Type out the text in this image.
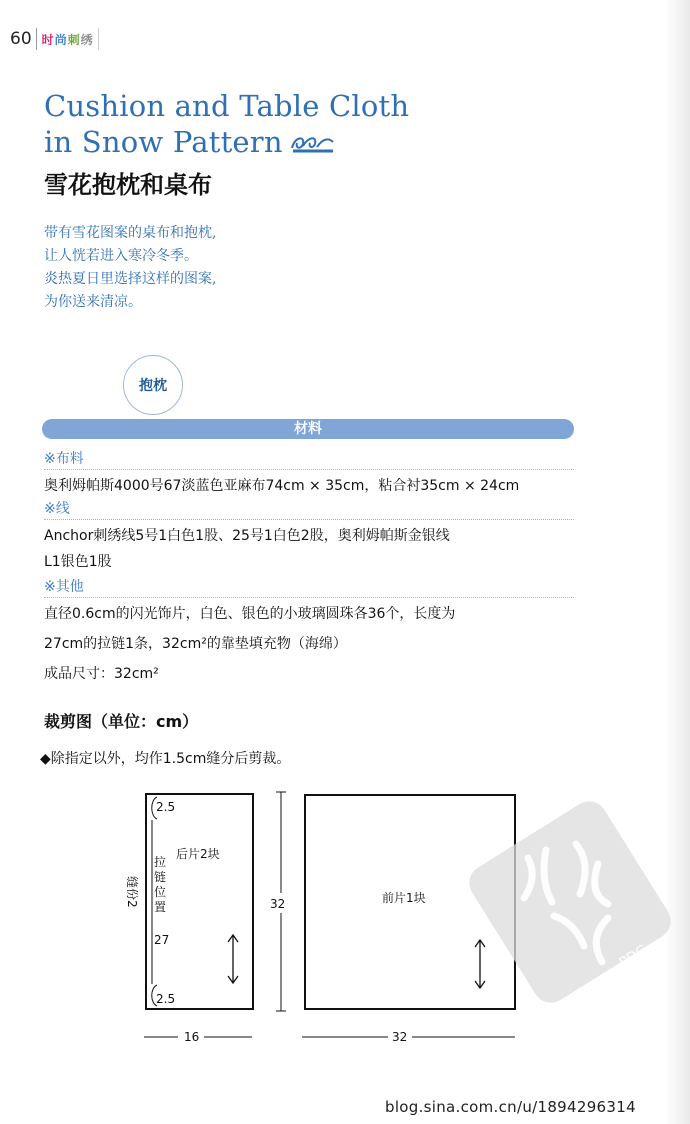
60 时尚刺绣
Cushion and Table Cloth
in Snow Pattern
雪花抱枕和桌布

带有雪花图案的桌布和抱枕,

让人恍若进入寒冷冬季。

炎热夏日里选择这样的图案,

为你送来清凉。

抱枕
材料
※布料
奥利姆帕斯4000号67淡蓝色亚麻布74cm × 35cm，粘合衬35cm × 24cm
※线
Anchor刺绣线5号1白色1股、25号1白色2股，奥利姆帕斯金银线
L1银色1股
※其他
直径0.6cm的闪光饰片，白色、银色的小玻璃圆珠各36个，长度为
27cm的拉链1条，32cm²的靠垫填充物（海绵）
成品尺寸：32cm²
裁剪图（单位：cm）
◆除指定以外，均作1.5cm缝分后剪裁。
2.5
2.5
后片2块
拉
链
位
置
27
缝份2	32
16
前片1块
32
PDG
blog.sina.com.cn/u/1894296314
